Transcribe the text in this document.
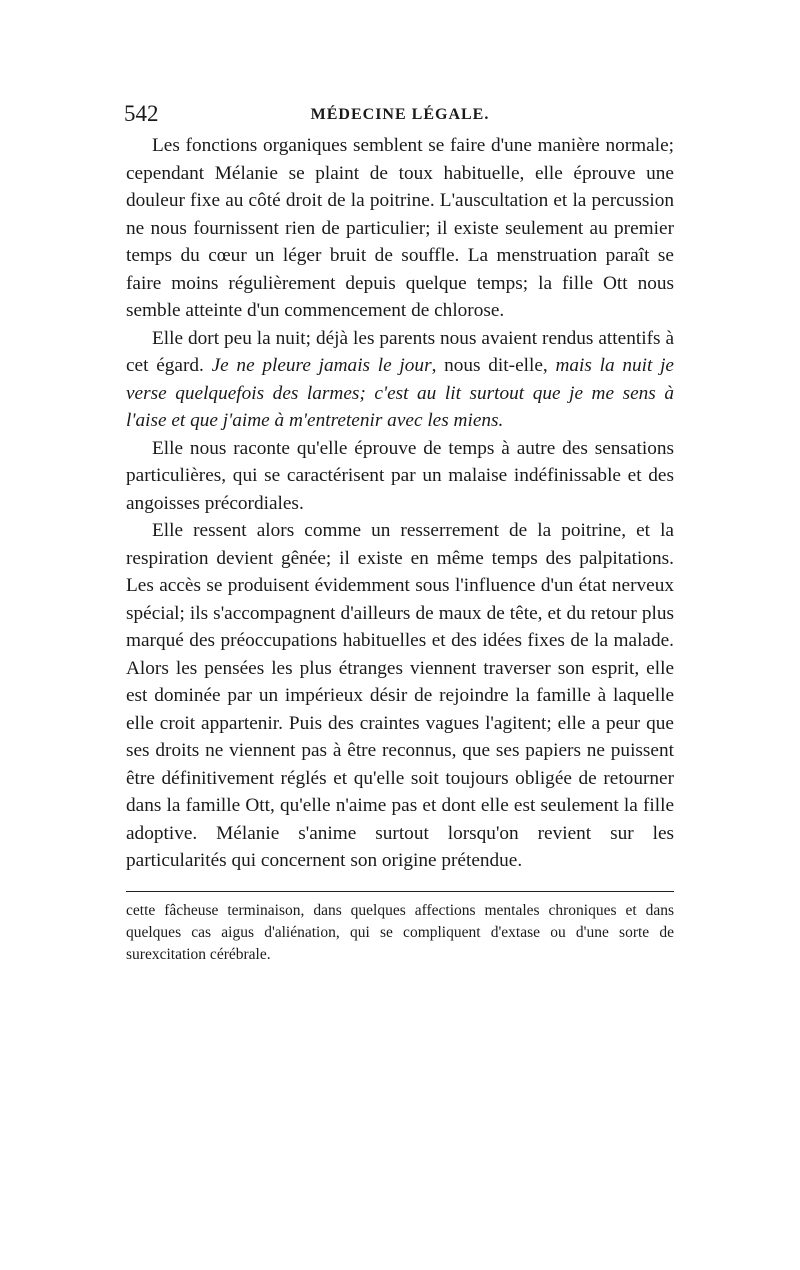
542	MÉDECINE LÉGALE.

Les fonctions organiques semblent se faire d'une manière normale; cependant Mélanie se plaint de toux habituelle, elle éprouve une douleur fixe au côté droit de la poitrine. L'auscultation et la percussion ne nous fournissent rien de particulier; il existe seulement au premier temps du cœur un léger bruit de souffle. La menstruation paraît se faire moins régulièrement depuis quelque temps; la fille Ott nous semble atteinte d'un commencement de chlorose.

Elle dort peu la nuit; déjà les parents nous avaient rendus attentifs à cet égard. Je ne pleure jamais le jour, nous dit-elle, mais la nuit je verse quelquefois des larmes; c'est au lit surtout que je me sens à l'aise et que j'aime à m'entretenir avec les miens.

Elle nous raconte qu'elle éprouve de temps à autre des sensations particulières, qui se caractérisent par un malaise indéfinissable et des angoisses précordiales.

Elle ressent alors comme un resserrement de la poitrine, et la respiration devient gênée; il existe en même temps des palpitations. Les accès se produisent évidemment sous l'influence d'un état nerveux spécial; ils s'accompagnent d'ailleurs de maux de tête, et du retour plus marqué des préoccupations habituelles et des idées fixes de la malade. Alors les pensées les plus étranges viennent traverser son esprit, elle est dominée par un impérieux désir de rejoindre la famille à laquelle elle croit appartenir. Puis des craintes vagues l'agitent; elle a peur que ses droits ne viennent pas à être reconnus, que ses papiers ne puissent être définitivement réglés et qu'elle soit toujours obligée de retourner dans la famille Ott, qu'elle n'aime pas et dont elle est seulement la fille adoptive. Mélanie s'anime surtout lorsqu'on revient sur les particularités qui concernent son origine prétendue.

cette fâcheuse terminaison, dans quelques affections mentales chroniques et dans quelques cas aigus d'aliénation, qui se compliquent d'extase ou d'une sorte de surexcitation cérébrale.
